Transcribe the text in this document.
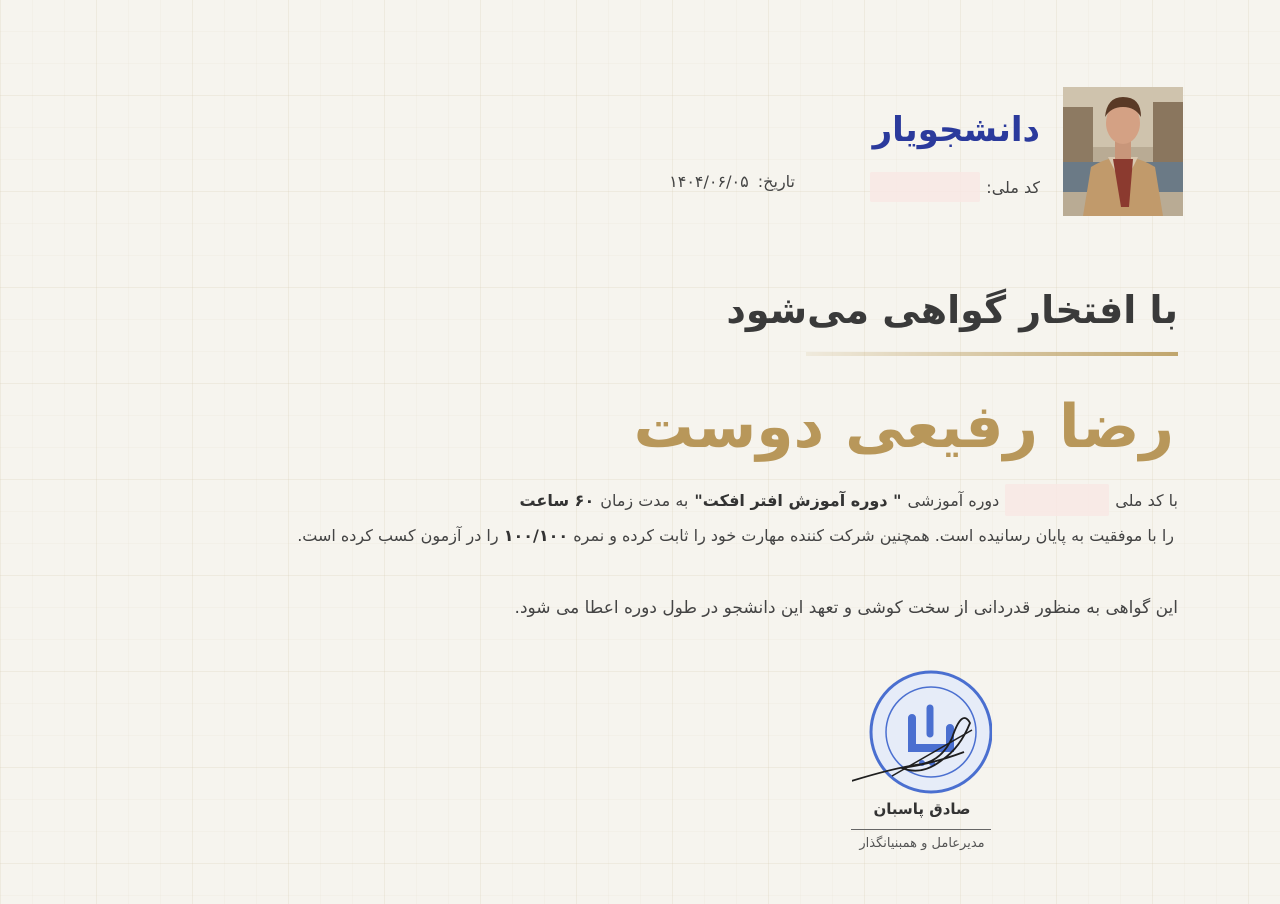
دانشجویار
کد ملی:
تاریخ: ۱۴۰۴/۰۶/۰۵
با افتخار گواهی می‌شود
رضا رفیعی دوست
با کد ملی
دوره آموزشی
" دوره آموزش افتر افکت"
به مدت زمان
۶۰ ساعت
را با موفقیت به پایان رسانیده است. همچنین شرکت کننده مهارت خود را ثابت کرده و نمره ۱۰۰/۱۰۰ را در آزمون کسب کرده است.
این گواهی به منظور قدردانی از سخت کوشی و تعهد این دانشجو در طول دوره اعطا می شود.
صادق پاسبان
مدیرعامل و همبنیانگذار
